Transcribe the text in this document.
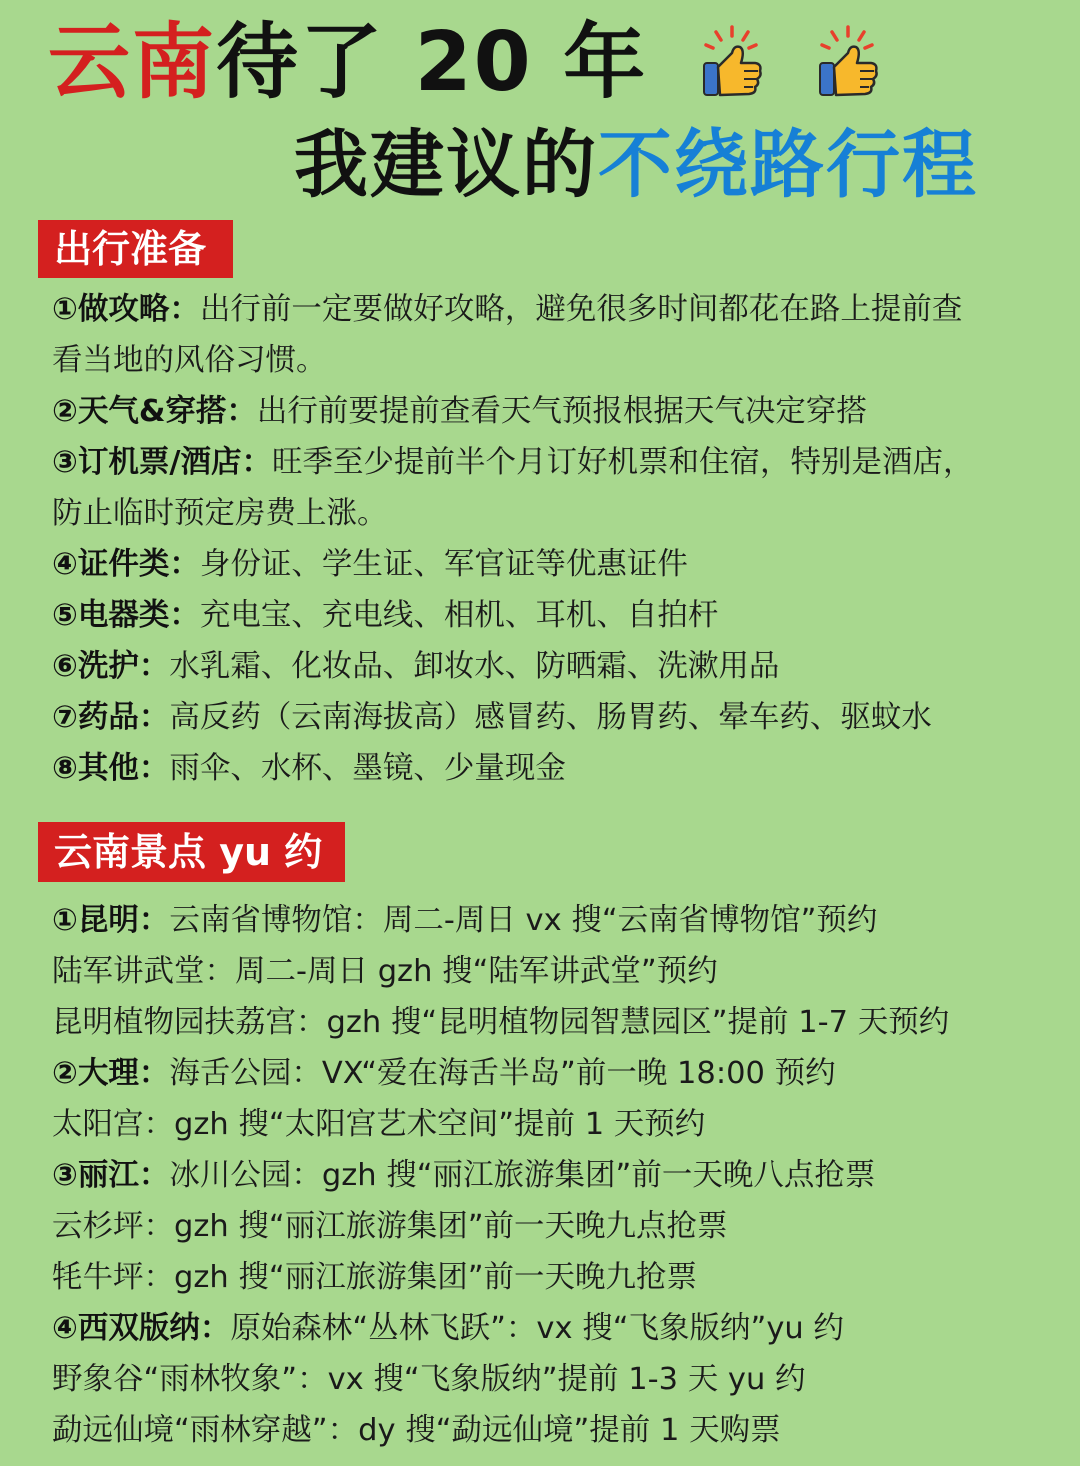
云南待了 20 年
我建议的不绕路行程
出行准备
①做攻略：出行前一定要做好攻略，避免很多时间都花在路上提前查
看当地的风俗习惯。
②天气&穿搭：出行前要提前查看天气预报根据天气决定穿搭
③订机票/酒店：旺季至少提前半个月订好机票和住宿，特别是酒店，
防止临时预定房费上涨。
④证件类：身份证、学生证、军官证等优惠证件
⑤电器类：充电宝、充电线、相机、耳机、自拍杆
⑥洗护：水乳霜、化妆品、卸妆水、防晒霜、洗漱用品
⑦药品：高反药（云南海拔高）感冒药、肠胃药、晕车药、驱蚊水
⑧其他：雨伞、水杯、墨镜、少量现金
云南景点 yu 约
①昆明：云南省博物馆：周二-周日 vx 搜“云南省博物馆”预约
陆军讲武堂：周二-周日 gzh 搜“陆军讲武堂”预约
昆明植物园扶荔宫：gzh 搜“昆明植物园智慧园区”提前 1-7 天预约
②大理：海舌公园：VX“爱在海舌半岛”前一晚 18:00 预约
太阳宫：gzh 搜“太阳宫艺术空间”提前 1 天预约
③丽江：冰川公园：gzh 搜“丽江旅游集团”前一天晚八点抢票
云杉坪：gzh 搜“丽江旅游集团”前一天晚九点抢票
牦牛坪：gzh 搜“丽江旅游集团”前一天晚九抢票
④西双版纳：原始森林“丛林飞跃”：vx 搜“飞象版纳”yu 约
野象谷“雨林牧象”：vx 搜“飞象版纳”提前 1-3 天 yu 约
勐远仙境“雨林穿越”：dy 搜“勐远仙境”提前 1 天购票
